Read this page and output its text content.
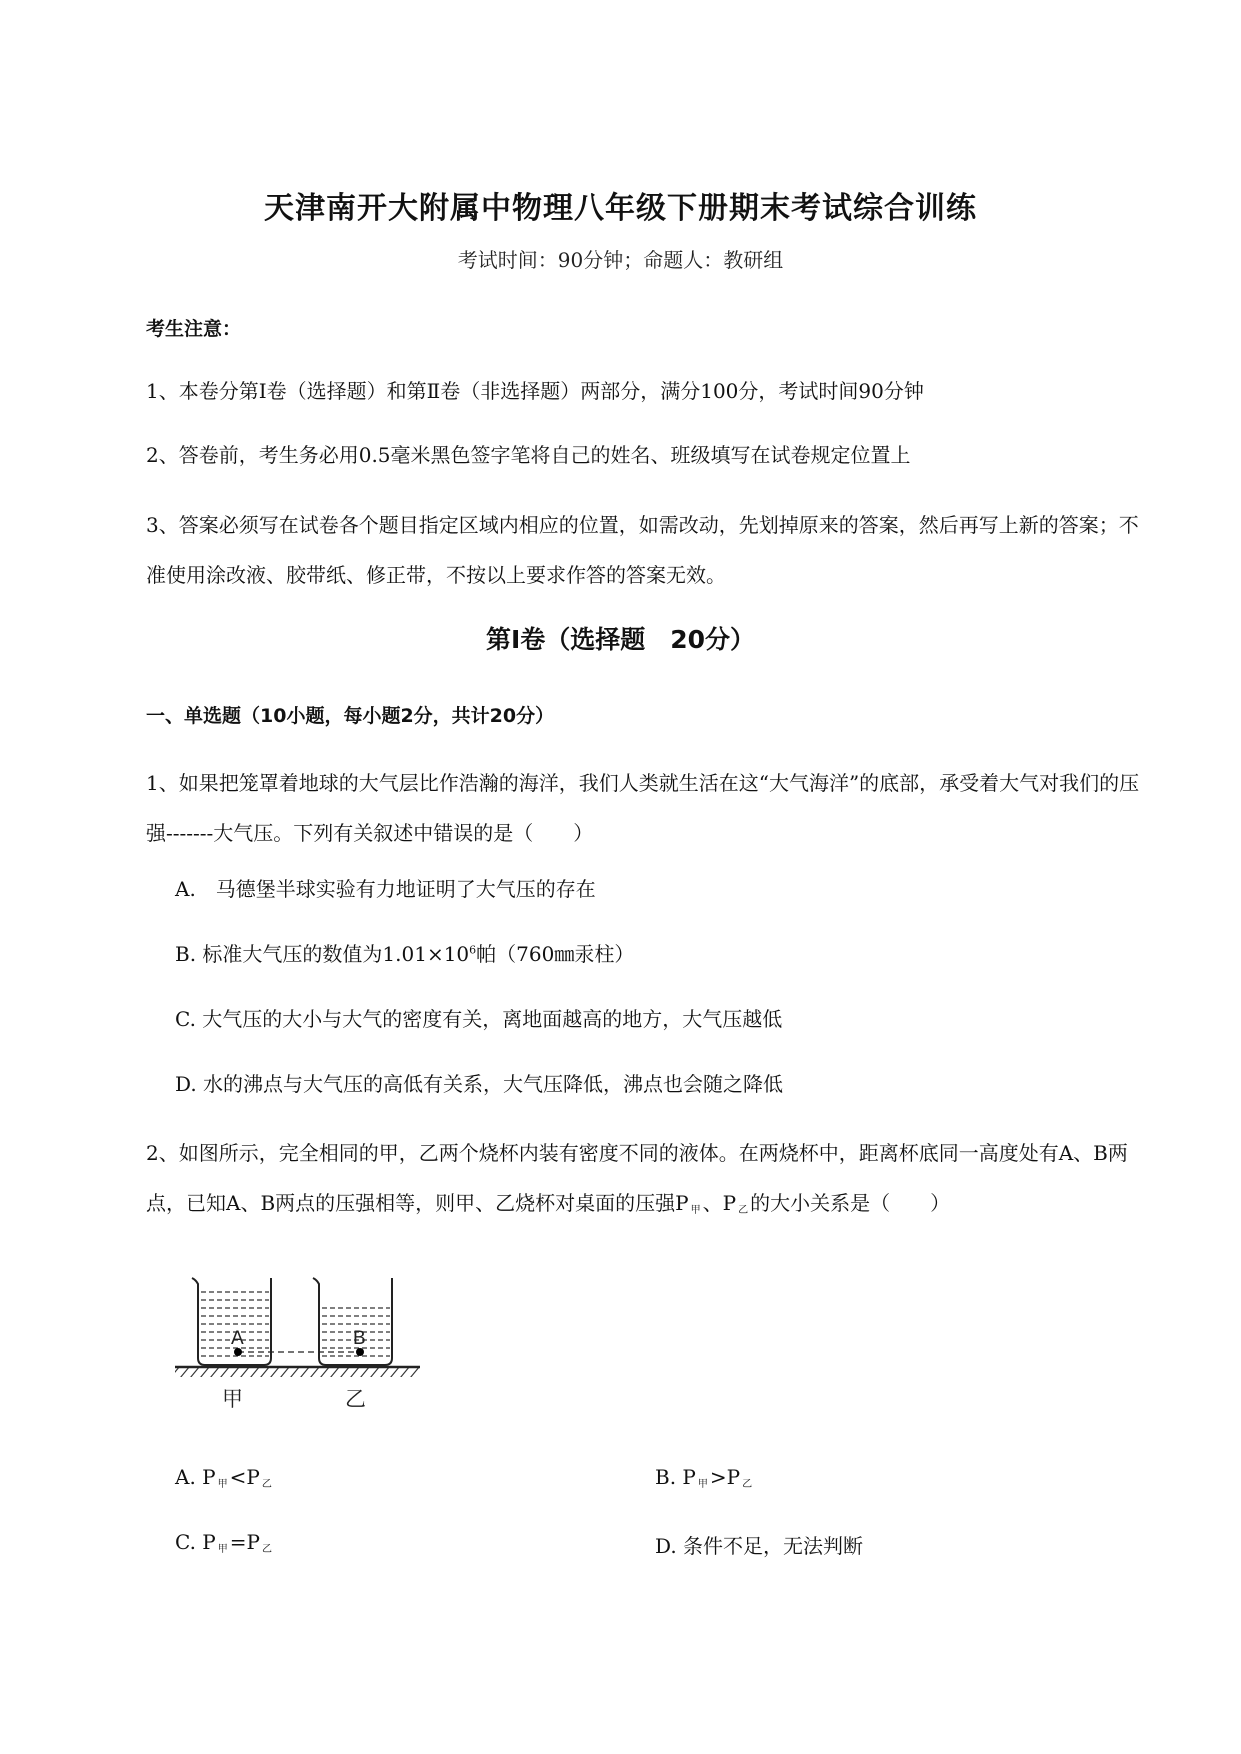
天津南开大附属中物理八年级下册期末考试综合训练
考试时间：90分钟；命题人：教研组
考生注意：
1、本卷分第Ⅰ卷（选择题）和第Ⅱ卷（非选择题）两部分，满分100分，考试时间90分钟
2、答卷前，考生务必用0.5毫米黑色签字笔将自己的姓名、班级填写在试卷规定位置上
3、答案必须写在试卷各个题目指定区域内相应的位置，如需改动，先划掉原来的答案，然后再写上新的答案；不准使用涂改液、胶带纸、修正带，不按以上要求作答的答案无效。
第Ⅰ卷（选择题　20分）
一、单选题（10小题，每小题2分，共计20分）
1、如果把笼罩着地球的大气层比作浩瀚的海洋，我们人类就生活在这“大气海洋”的底部，承受着大气对我们的压强-------大气压。下列有关叙述中错误的是（　　）
A.　马德堡半球实验有力地证明了大气压的存在
B. 标准大气压的数值为$1.01\times 10^6$帕（760㎜汞柱）
C. 大气压的大小与大气的密度有关，离地面越高的地方，大气压越低
D. 水的沸点与大气压的高低有关系，大气压降低，沸点也会随之降低
2、如图所示，完全相同的甲，乙两个烧杯内装有密度不同的液体。在两烧杯中，距离杯底同一高度处有A、B两点，已知A、B两点的压强相等，则甲、乙烧杯对桌面的压强P 甲 、P 乙 的大小关系是（　　）
A	B
甲	乙
A. P 甲 <P 乙	B. P 甲 >P 乙
C. P 甲 =P 乙	D. 条件不足，无法判断
